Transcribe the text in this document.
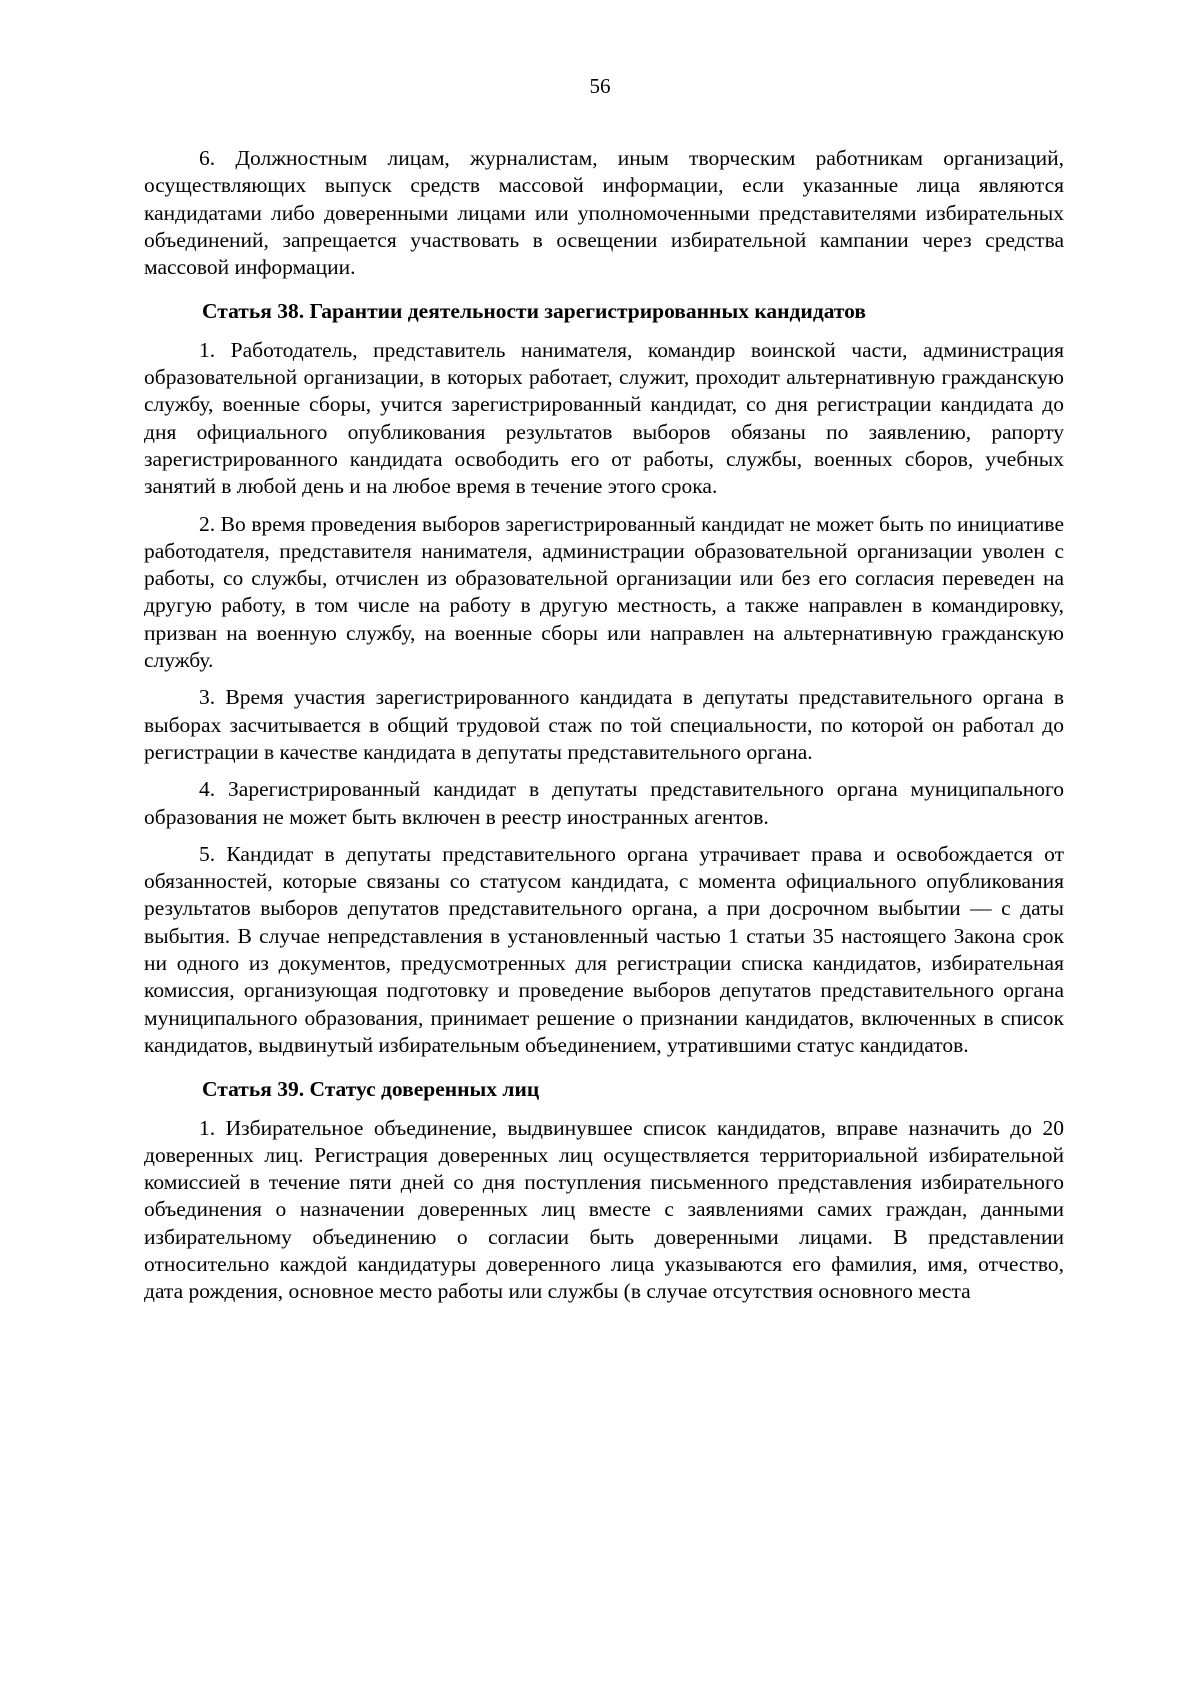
56

6. Должностным лицам, журналистам, иным творческим работникам организаций, осуществляющих выпуск средств массовой информации, если указанные лица являются кандидатами либо доверенными лицами или уполномоченными представителями избирательных объединений, запрещается участвовать в освещении избирательной кампании через средства массовой информации.

Статья 38. Гарантии деятельности зарегистрированных кандидатов

1. Работодатель, представитель нанимателя, командир воинской части, администрация образовательной организации, в которых работает, служит, проходит альтернативную гражданскую службу, военные сборы, учится зарегистрированный кандидат, со дня регистрации кандидата до дня официального опубликования результатов выборов обязаны по заявлению, рапорту зарегистрированного кандидата освободить его от работы, службы, военных сборов, учебных занятий в любой день и на любое время в течение этого срока.

2. Во время проведения выборов зарегистрированный кандидат не может быть по инициативе работодателя, представителя нанимателя, администрации образовательной организации уволен с работы, со службы, отчислен из образовательной организации или без его согласия переведен на другую работу, в том числе на работу в другую местность, а также направлен в командировку, призван на военную службу, на военные сборы или направлен на альтернативную гражданскую службу.

3. Время участия зарегистрированного кандидата в депутаты представительного органа в выборах засчитывается в общий трудовой стаж по той специальности, по которой он работал до регистрации в качестве кандидата в депутаты представительного органа.

4. Зарегистрированный кандидат в депутаты представительного органа муниципального образования не может быть включен в реестр иностранных агентов.

5. Кандидат в депутаты представительного органа утрачивает права и освобождается от обязанностей, которые связаны со статусом кандидата, с момента официального опубликования результатов выборов депутатов представительного органа, а при досрочном выбытии — с даты выбытия. В случае непредставления в установленный частью 1 статьи 35 настоящего Закона срок ни одного из документов, предусмотренных для регистрации списка кандидатов, избирательная комиссия, организующая подготовку и проведение выборов депутатов представительного органа муниципального образования, принимает решение о признании кандидатов, включенных в список кандидатов, выдвинутый избирательным объединением, утратившими статус кандидатов.

Статья 39. Статус доверенных лиц

1. Избирательное объединение, выдвинувшее список кандидатов, вправе назначить до 20 доверенных лиц. Регистрация доверенных лиц осуществляется территориальной избирательной комиссией в течение пяти дней со дня поступления письменного представления избирательного объединения о назначении доверенных лиц вместе с заявлениями самих граждан, данными избирательному объединению о согласии быть доверенными лицами. В представлении относительно каждой кандидатуры доверенного лица указываются его фамилия, имя, отчество, дата рождения, основное место работы или службы (в случае отсутствия основного места
